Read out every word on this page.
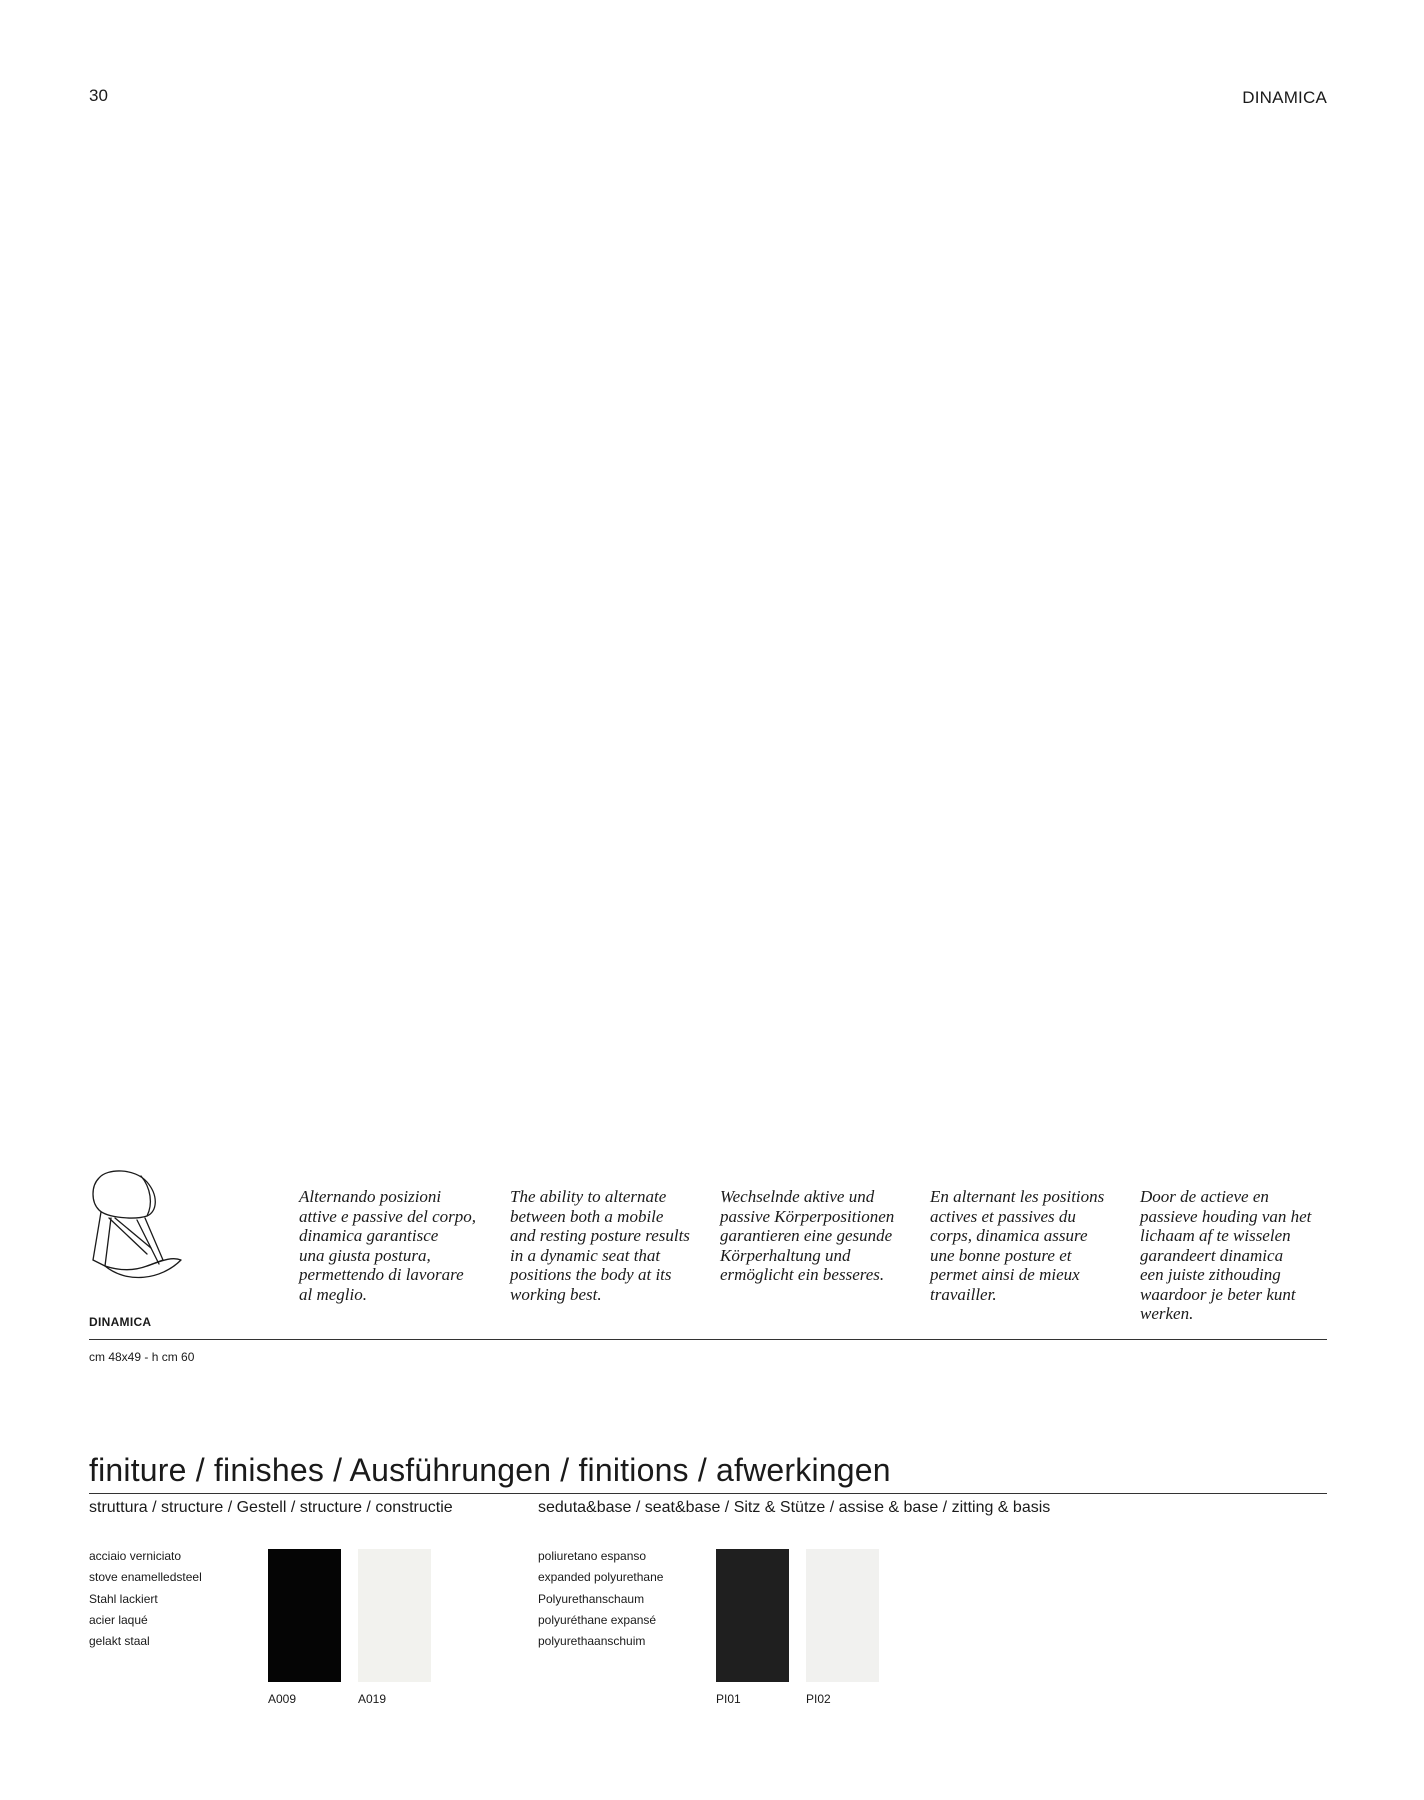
30	DINAMICA
DINAMICA
cm 48x49 - h cm 60

Alternando posizioni
attive e passive del corpo,
dinamica garantisce
una giusta postura,
permettendo di lavorare
al meglio.

The ability to alternate
between both a mobile
and resting posture results
in a dynamic seat that
positions the body at its
working best.

Wechselnde aktive und
passive Körperpositionen
garantieren eine gesunde
Körperhaltung und
ermöglicht ein besseres.

En alternant les positions
actives et passives du
corps, dinamica assure
une bonne posture et
permet ainsi de mieux
travailler.

Door de actieve en
passieve houding van het
lichaam af te wisselen
garandeert dinamica
een juiste zithouding
waardoor je beter kunt
werken.

finiture / finishes / Ausführungen / finitions / afwerkingen
struttura / structure / Gestell / structure / constructie
acciaio verniciato
stove enamelledsteel
Stahl lackiert
acier laqué
gelakt staal
A009	A019
seduta&base / seat&base / Sitz & Stütze / assise & base / zitting & basis
poliuretano espanso
expanded polyurethane
Polyurethanschaum
polyuréthane expansé
polyurethaanschuim
PI01	PI02
